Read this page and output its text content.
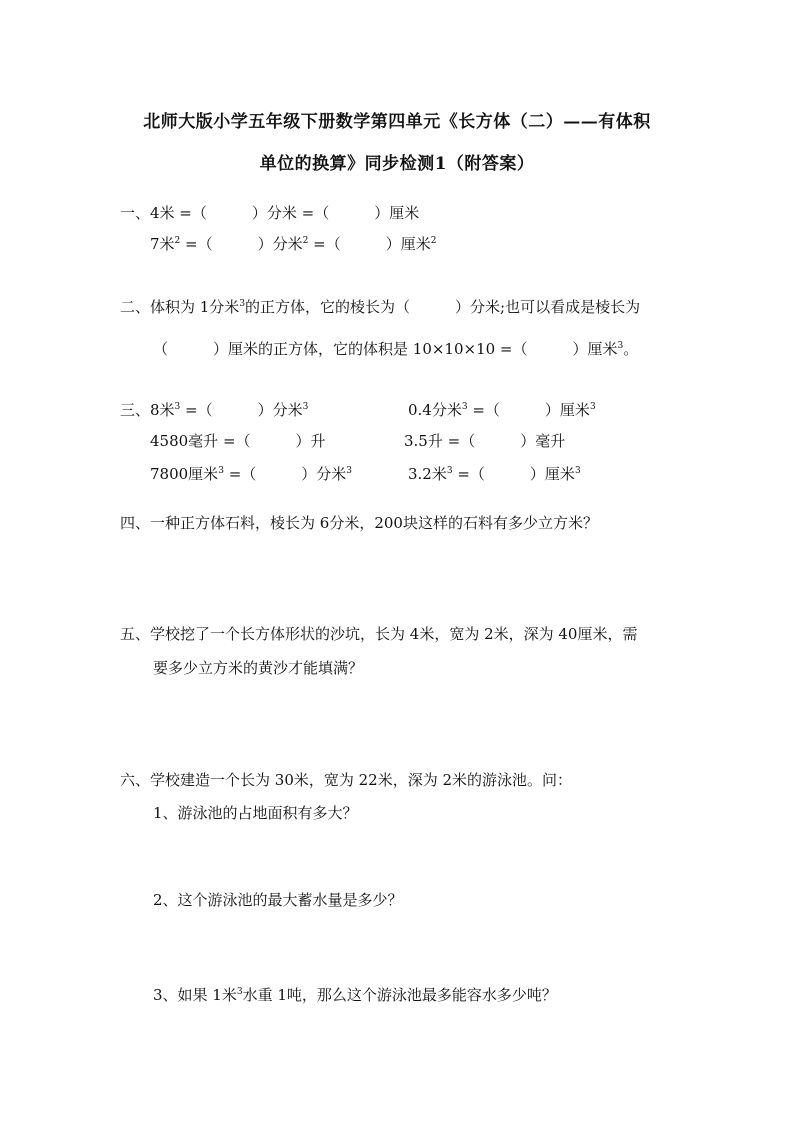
北师大版小学五年级下册数学第四单元《长方体（二）——有体积
单位的换算》同步检测1（附答案）
一、4米 =（　　　）分米 =（　　　）厘米
7米$^2$ =（　　　）分米$^2$ =（　　　）厘米$^2$
二、体积为 1分米$^3$的正方体，它的棱长为（　　　）分米;也可以看成是棱长为
（　　　）厘米的正方体，它的体积是 10×10×10 =（　　　）厘米$^3$。
三、8米$^3$ =（　　　）分米$^3$	0.4分米$^3$ =（　　　）厘米$^3$
4580毫升 =（　　　）升	3.5升 =（　　　）毫升
7800厘米$^3$ =（　　　）分米$^3$	3.2米$^3$ =（　　　）厘米$^3$
四、一种正方体石料，棱长为 6分米，200块这样的石料有多少立方米？
五、学校挖了一个长方体形状的沙坑，长为 4米，宽为 2米，深为 40厘米，需
要多少立方米的黄沙才能填满？
六、学校建造一个长为 30米，宽为 22米，深为 2米的游泳池。问：
1、游泳池的占地面积有多大？
2、这个游泳池的最大蓄水量是多少？
3、如果 1米$^3$水重 1吨，那么这个游泳池最多能容水多少吨？
